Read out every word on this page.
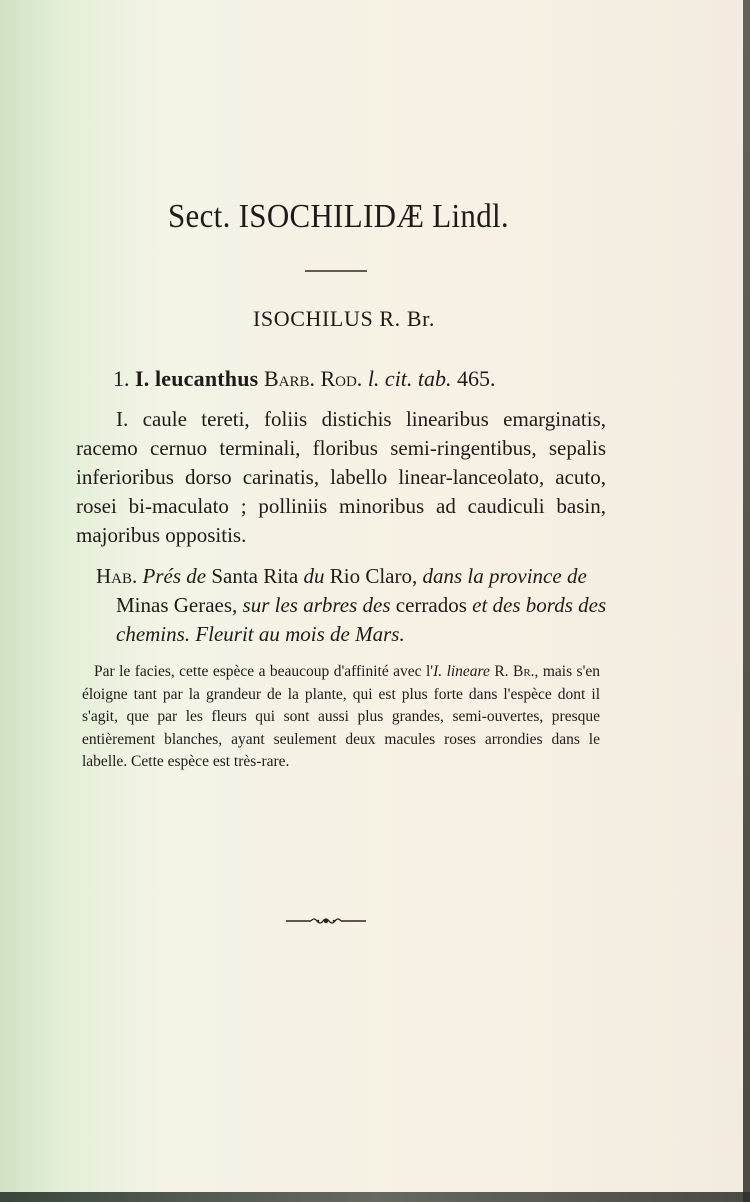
Sect. ISOCHILIDÆ Lindl.
ISOCHILUS R. Br.
1. I. leucanthus Barb. Rod. l. cit. tab. 465.

I. caule tereti, foliis distichis linearibus emarginatis, racemo cernuo terminali, floribus semi-ringentibus, sepalis inferioribus dorso carinatis, labello linear-lanceolato, acuto, rosei bi-maculato ; polliniis minoribus ad caudiculi basin, majoribus oppositis.

Hab. Prés de Santa Rita du Rio Claro, dans la province de Minas Geraes, sur les arbres des cerrados et des bords des chemins. Fleurit au mois de Mars.

Par le facies, cette espèce a beaucoup d'affinité avec l'I. lineare R. Br., mais s'en éloigne tant par la grandeur de la plante, qui est plus forte dans l'espèce dont il s'agit, que par les fleurs qui sont aussi plus grandes, semi-ouvertes, presque entièrement blanches, ayant seulement deux macules roses arrondies dans le labelle. Cette espèce est très-rare.
